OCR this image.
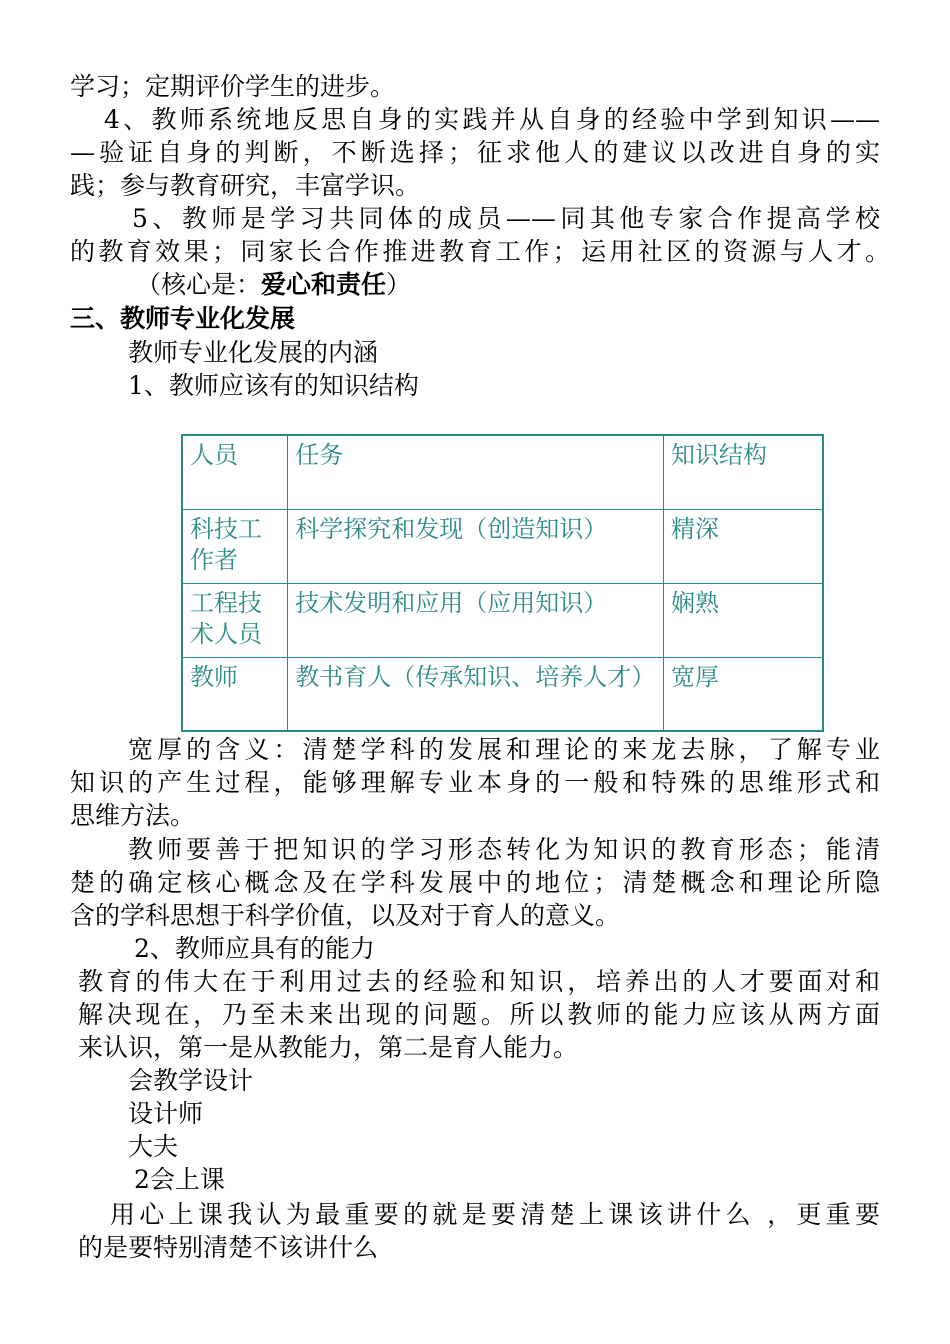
学习；定期评价学生的进步。
4、教师系统地反思自身的实践并从自身的经验中学到知识——
—验证自身的判断，不断选择；征求他人的建议以改进自身的实
践；参与教育研究，丰富学识。
5、教师是学习共同体的成员——同其他专家合作提高学校
的教育效果；同家长合作推进教育工作；运用社区的资源与人才。
（核心是：爱心和责任）
三、教师专业化发展
教师专业化发展的内涵
1、教师应该有的知识结构
人员	任务	知识结构
科技工作者	科学探究和发现（创造知识）	精深
工程技术人员	技术发明和应用（应用知识）	娴熟
教师	教书育人（传承知识、培养人才）	宽厚
宽厚的含义：清楚学科的发展和理论的来龙去脉，了解专业
知识的产生过程，能够理解专业本身的一般和特殊的思维形式和
思维方法。
教师要善于把知识的学习形态转化为知识的教育形态；能清
楚的确定核心概念及在学科发展中的地位；清楚概念和理论所隐
含的学科思想于科学价值，以及对于育人的意义。
2、教师应具有的能力
教育的伟大在于利用过去的经验和知识，培养出的人才要面对和
解决现在，乃至未来出现的问题。所以教师的能力应该从两方面
来认识，第一是从教能力，第二是育人能力。
会教学设计
设计师
大夫
2会上课
用心上课我认为最重要的就是要清楚上课该讲什么 ，更重要
的是要特别清楚不该讲什么
